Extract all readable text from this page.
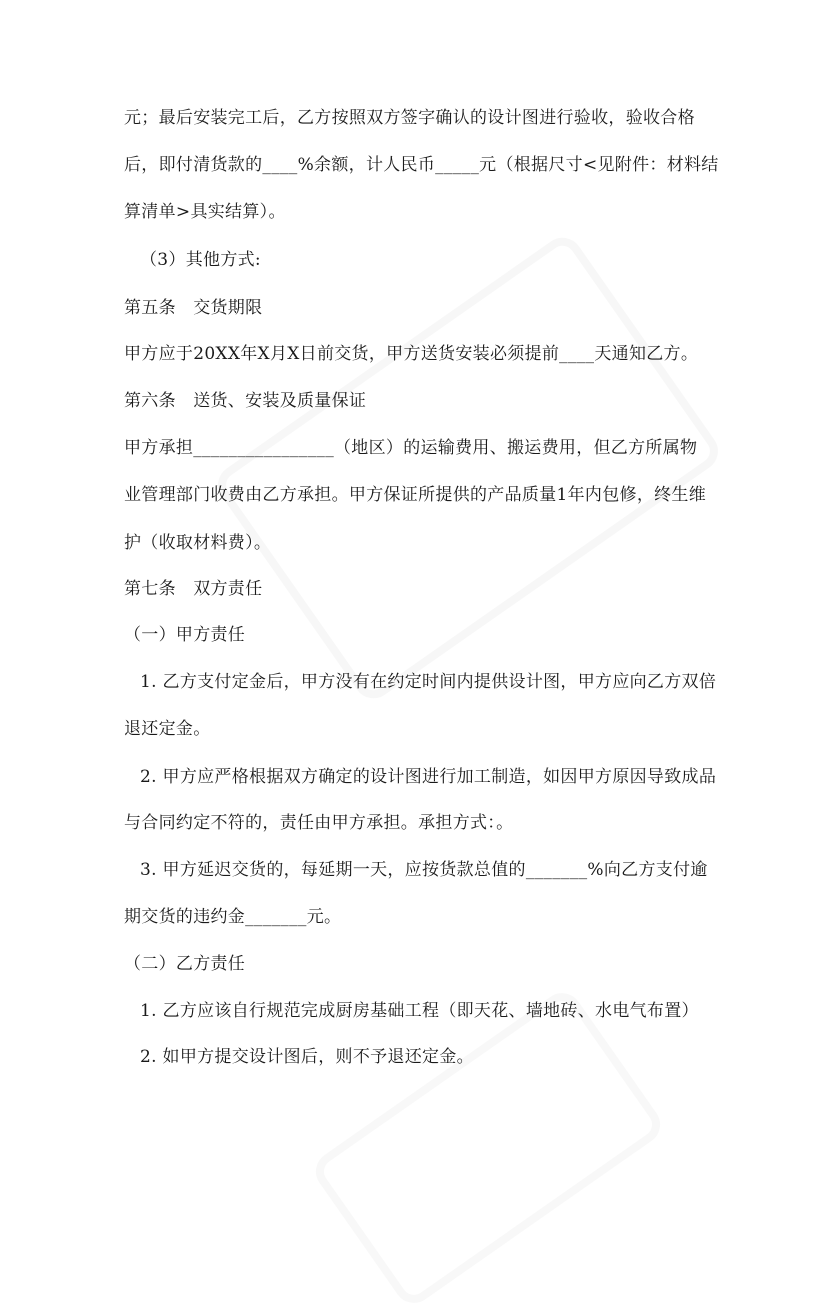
元；最后安装完工后，乙方按照双方签字确认的设计图进行验收，验收合格
后，即付清货款的____%余额，计人民币_____元（根据尺寸<见附件：材料结
算清单>具实结算）。
（3）其他方式:
第五条　交货期限
甲方应于20XX年X月X日前交货，甲方送货安装必须提前____天通知乙方。
第六条　送货、安装及质量保证
甲方承担________________（地区）的运输费用、搬运费用，但乙方所属物
业管理部门收费由乙方承担。甲方保证所提供的产品质量1年内包修，终生维
护（收取材料费）。
第七条　双方责任
（一）甲方责任
1. 乙方支付定金后，甲方没有在约定时间内提供设计图，甲方应向乙方双倍
退还定金。
2. 甲方应严格根据双方确定的设计图进行加工制造，如因甲方原因导致成品
与合同约定不符的，责任由甲方承担。承担方式：。
3. 甲方延迟交货的，每延期一天，应按货款总值的_______%向乙方支付逾
期交货的违约金_______元。
（二）乙方责任
1. 乙方应该自行规范完成厨房基础工程（即天花、墙地砖、水电气布置）
2. 如甲方提交设计图后，则不予退还定金。
